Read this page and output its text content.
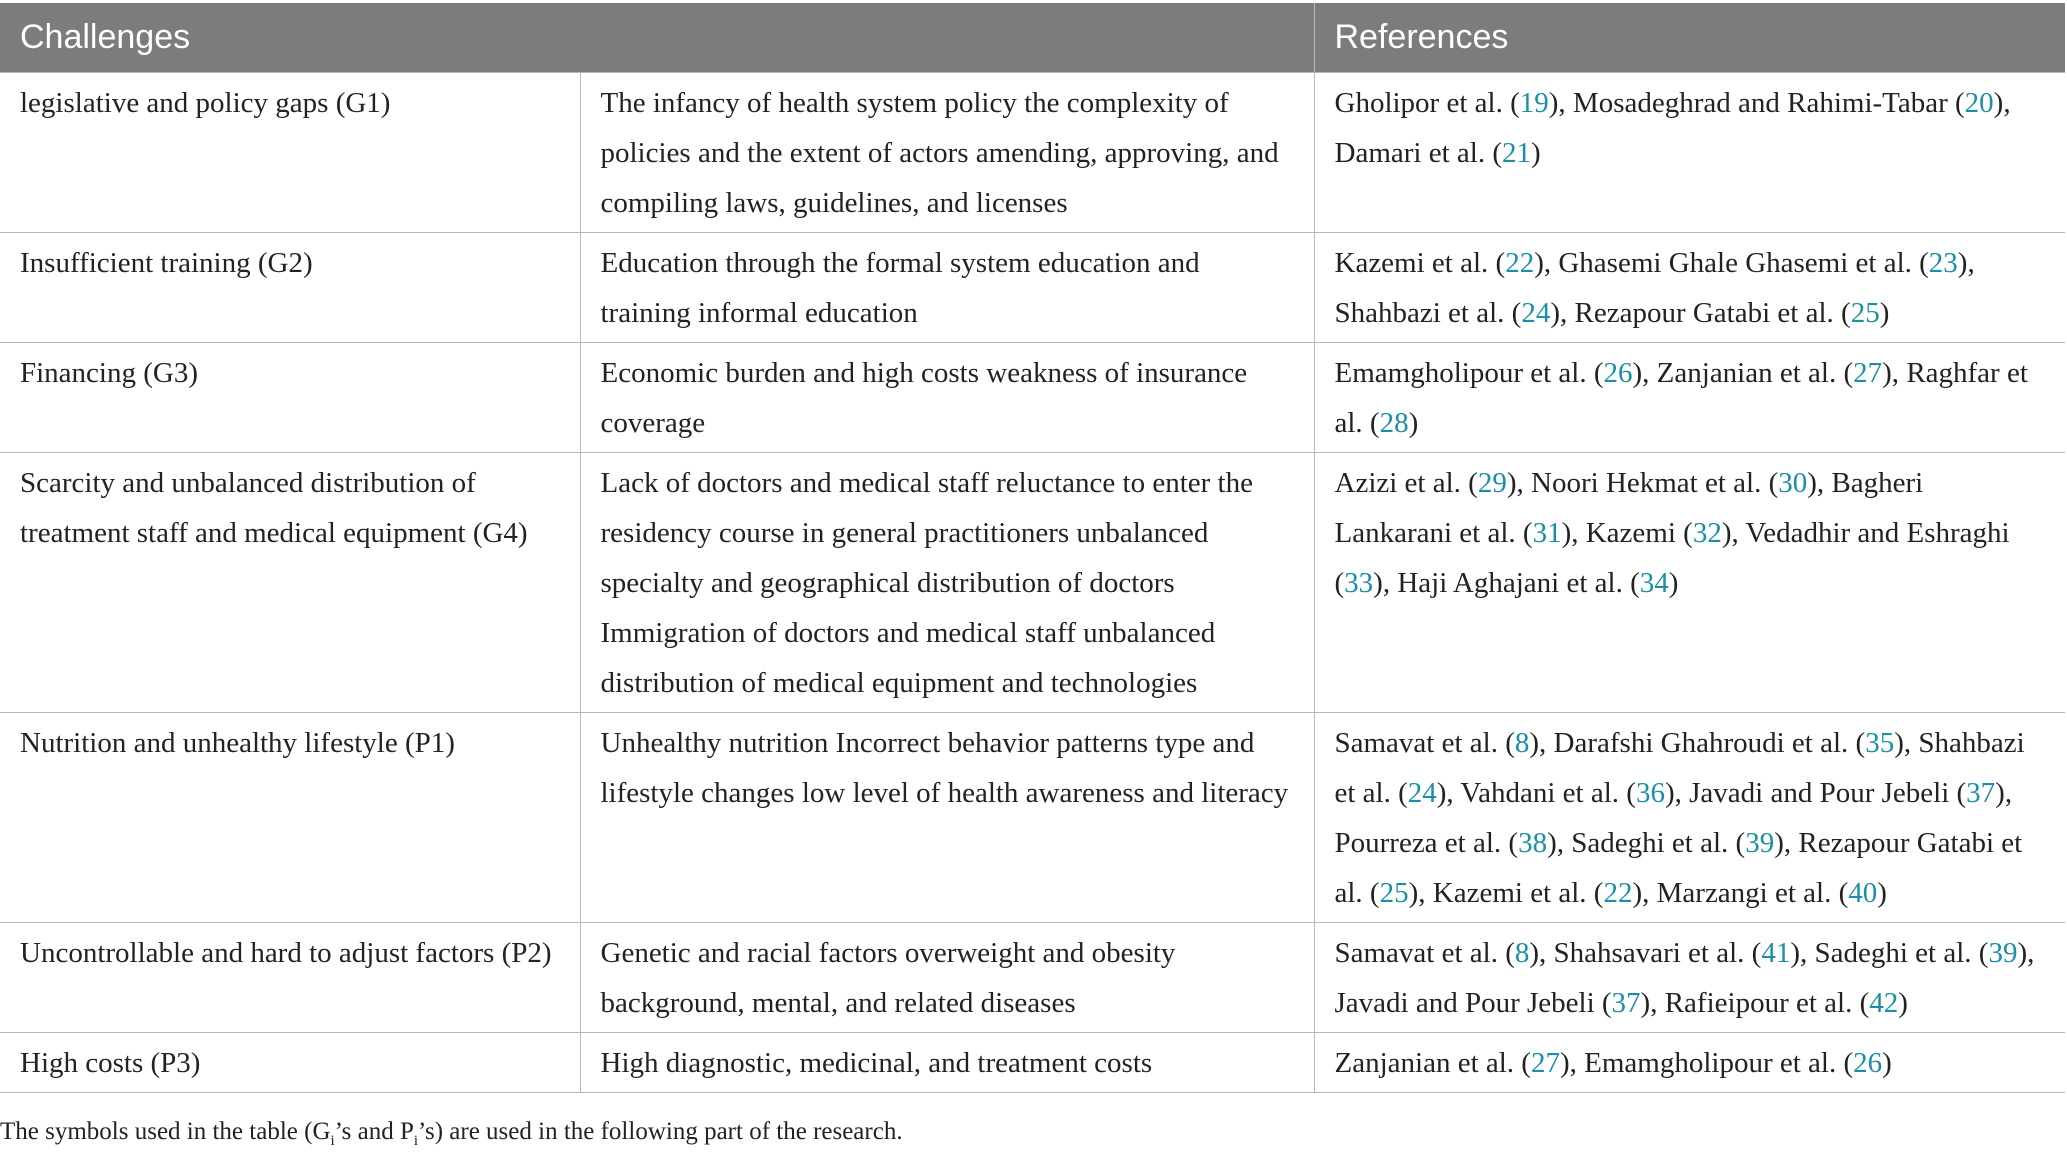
Challenges		References
legislative and policy gaps (G1)	The infancy of health system policy the complexity of policies and the extent of actors amending, approving, and compiling laws, guidelines, and licenses	Gholipor et al. (19), Mosadeghrad and Rahimi-Tabar (20), Damari et al. (21)
Insufficient training (G2)	Education through the formal system education and training informal education	Kazemi et al. (22), Ghasemi Ghale Ghasemi et al. (23), Shahbazi et al. (24), Rezapour Gatabi et al. (25)
Financing (G3)	Economic burden and high costs weakness of insurance coverage	Emamgholipour et al. (26), Zanjanian et al. (27), Raghfar et al. (28)
Scarcity and unbalanced distribution of treatment staff and medical equipment (G4)	Lack of doctors and medical staff reluctance to enter the residency course in general practitioners unbalanced specialty and geographical distribution of doctors Immigration of doctors and medical staff unbalanced distribution of medical equipment and technologies	Azizi et al. (29), Noori Hekmat et al. (30), Bagheri Lankarani et al. (31), Kazemi (32), Vedadhir and Eshraghi (33), Haji Aghajani et al. (34)
Nutrition and unhealthy lifestyle (P1)	Unhealthy nutrition Incorrect behavior patterns type and lifestyle changes low level of health awareness and literacy	Samavat et al. (8), Darafshi Ghahroudi et al. (35), Shahbazi et al. (24), Vahdani et al. (36), Javadi and Pour Jebeli (37), Pourreza et al. (38), Sadeghi et al. (39), Rezapour Gatabi et al. (25), Kazemi et al. (22), Marzangi et al. (40)
Uncontrollable and hard to adjust factors (P2)	Genetic and racial factors overweight and obesity background, mental, and related diseases	Samavat et al. (8), Shahsavari et al. (41), Sadeghi et al. (39), Javadi and Pour Jebeli (37), Rafieipour et al. (42)
High costs (P3)	High diagnostic, medicinal, and treatment costs	Zanjanian et al. (27), Emamgholipour et al. (26)
The symbols used in the table ($G_i’s$ and $P_i’s$) are used in the following part of the research.
